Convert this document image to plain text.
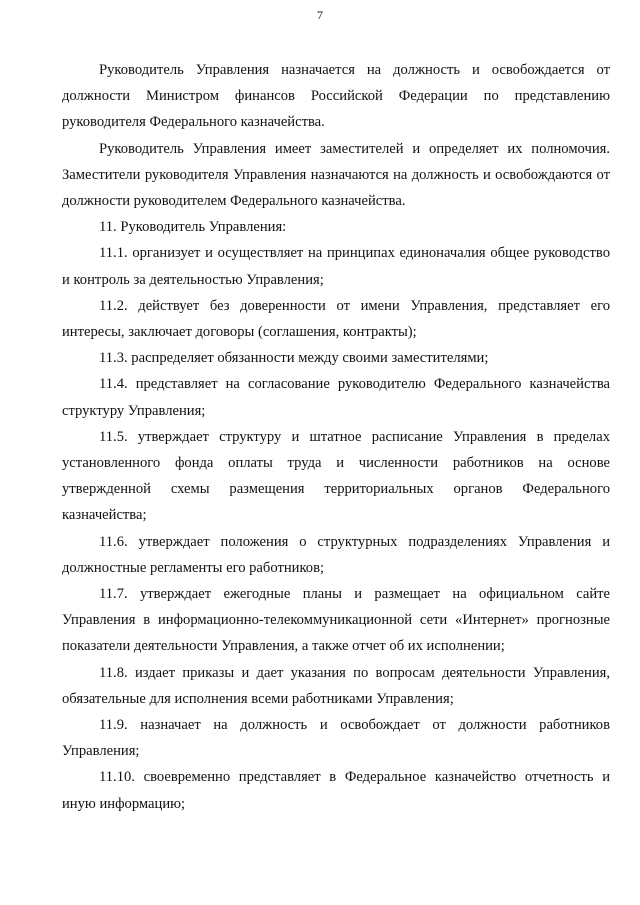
7

Руководитель Управления назначается на должность и освобождается от должности Министром финансов Российской Федерации по представлению руководителя Федерального казначейства.

Руководитель Управления имеет заместителей и определяет их полномочия. Заместители руководителя Управления назначаются на должность и освобождаются от должности руководителем Федерального казначейства.

11. Руководитель Управления:

11.1. организует и осуществляет на принципах единоначалия общее руководство и контроль за деятельностью Управления;

11.2. действует без доверенности от имени Управления, представляет его интересы, заключает договоры (соглашения, контракты);

11.3. распределяет обязанности между своими заместителями;

11.4. представляет на согласование руководителю Федерального казначейства структуру Управления;

11.5. утверждает структуру и штатное расписание Управления в пределах установленного фонда оплаты труда и численности работников на основе утвержденной схемы размещения территориальных органов Федерального казначейства;

11.6. утверждает положения о структурных подразделениях Управления и должностные регламенты его работников;

11.7. утверждает ежегодные планы и размещает на официальном сайте Управления в информационно-телекоммуникационной сети «Интернет» прогнозные показатели деятельности Управления, а также отчет об их исполнении;

11.8. издает приказы и дает указания по вопросам деятельности Управления, обязательные для исполнения всеми работниками Управления;

11.9. назначает на должность и освобождает от должности работников Управления;

11.10. своевременно представляет в Федеральное казначейство отчетность и иную информацию;
